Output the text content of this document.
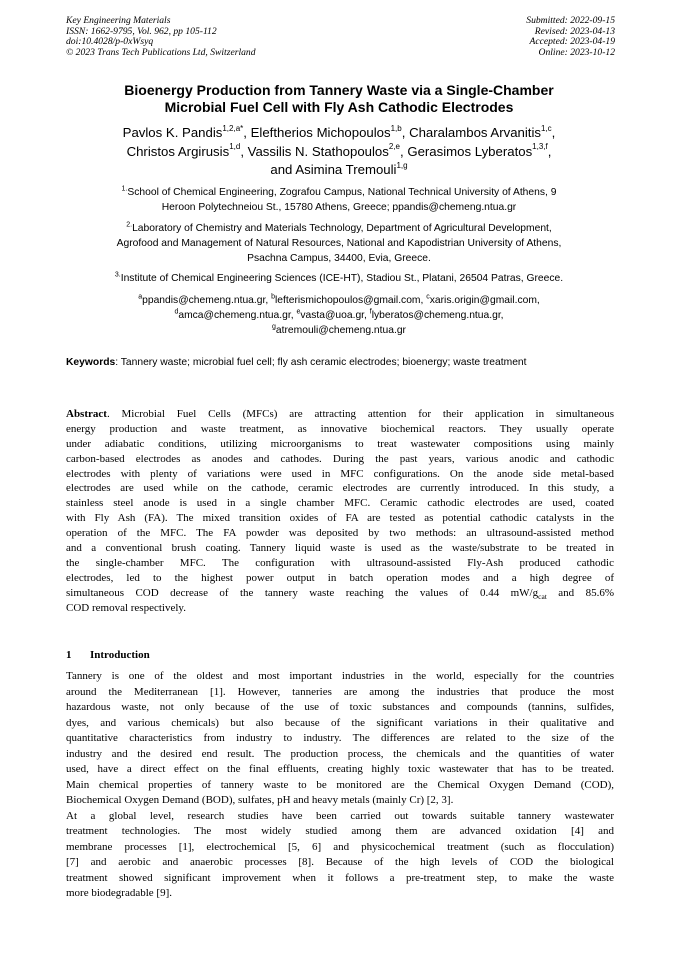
Key Engineering Materials
ISSN: 1662-9795, Vol. 962, pp 105-112
doi:10.4028/p-0xWsyq
© 2023 Trans Tech Publications Ltd, Switzerland
Submitted: 2022-09-15
Revised: 2023-04-13
Accepted: 2023-04-19
Online: 2023-10-12
Bioenergy Production from Tannery Waste via a Single-Chamber
Microbial Fuel Cell with Fly Ash Cathodic Electrodes
Pavlos K. Pandis$^{1,2,a*}$, Eleftherios Michopoulos$^{1,b}$, Charalambos Arvanitis$^{1,c}$,
Christos Argirusis$^{1,d}$, Vassilis N. Stathopoulos$^{2,e}$, Gerasimos Lyberatos$^{1,3,f}$,
and Asimina Tremouli$^{1,g}$
$^{1.}$School of Chemical Engineering, Zografou Campus, National Technical University of Athens, 9
Heroon Polytechneiou St., 15780 Athens, Greece; ppandis@chemeng.ntua.gr
$^{2.}$Laboratory of Chemistry and Materials Technology, Department of Agricultural Development,
Agrofood and Management of Natural Resources, National and Kapodistrian University of Athens,
Psachna Campus, 34400, Evia, Greece.
$^{3.}$Institute of Chemical Engineering Sciences (ICE-HT), Stadiou St., Platani, 26504 Patras, Greece.
$^a$ppandis@chemeng.ntua.gr, $^b$lefterismichopoulos@gmail.com, $^c$xaris.origin@gmail.com,
$^d$amca@chemeng.ntua.gr, $^e$vasta@uoa.gr, $^f$lyberatos@chemeng.ntua.gr,
$^g$atremouli@chemeng.ntua.gr
Keywords: Tannery waste; microbial fuel cell; fly ash ceramic electrodes; bioenergy; waste treatment
Abstract. Microbial Fuel Cells (MFCs) are attracting attention for their application in simultaneous
energy production and waste treatment, as innovative biochemical reactors. They usually operate
under adiabatic conditions, utilizing microorganisms to treat wastewater compositions using mainly
carbon-based electrodes as anodes and cathodes. During the past years, various anodic and cathodic
electrodes with plenty of variations were used in MFC configurations. On the anode side metal-based
electrodes are used while on the cathode, ceramic electrodes are currently introduced. In this study, a
stainless steel anode is used in a single chamber MFC. Ceramic cathodic electrodes are used, coated
with Fly Ash (FA). The mixed transition oxides of FA are tested as potential cathodic catalysts in the
operation of the MFC. The FA powder was deposited by two methods: an ultrasound-assisted method
and a conventional brush coating. Tannery liquid waste is used as the waste/substrate to be treated in
the single-chamber MFC. The configuration with ultrasound-assisted Fly-Ash produced cathodic
electrodes, led to the highest power output in batch operation modes and a high degree of
simultaneous COD decrease of the tannery waste reaching the values of 0.44 $mW/g_{cat}$ and 85.6%
COD removal respectively.
1 Introduction
Tannery is one of the oldest and most important industries in the world, especially for the countries
around the Mediterranean [1]. However, tanneries are among the industries that produce the most
hazardous waste, not only because of the use of toxic substances and compounds (tannins, sulfides,
dyes, and various chemicals) but also because of the significant variations in their qualitative and
quantitative characteristics from industry to industry. The differences are related to the size of the
industry and the desired end result. The production process, the chemicals and the quantities of water
used, have a direct effect on the final effluents, creating highly toxic wastewater that has to be treated.
Main chemical properties of tannery waste to be monitored are the Chemical Oxygen Demand (COD),
Biochemical Oxygen Demand (BOD), sulfates, pH and heavy metals (mainly Cr) [2, 3].
At a global level, research studies have been carried out towards suitable tannery wastewater
treatment technologies. The most widely studied among them are advanced oxidation [4] and
membrane processes [1], electrochemical [5, 6] and physicochemical treatment (such as flocculation)
[7] and aerobic and anaerobic processes [8]. Because of the high levels of COD the biological
treatment showed significant improvement when it follows a pre-treatment step, to make the waste
more biodegradable [9].
